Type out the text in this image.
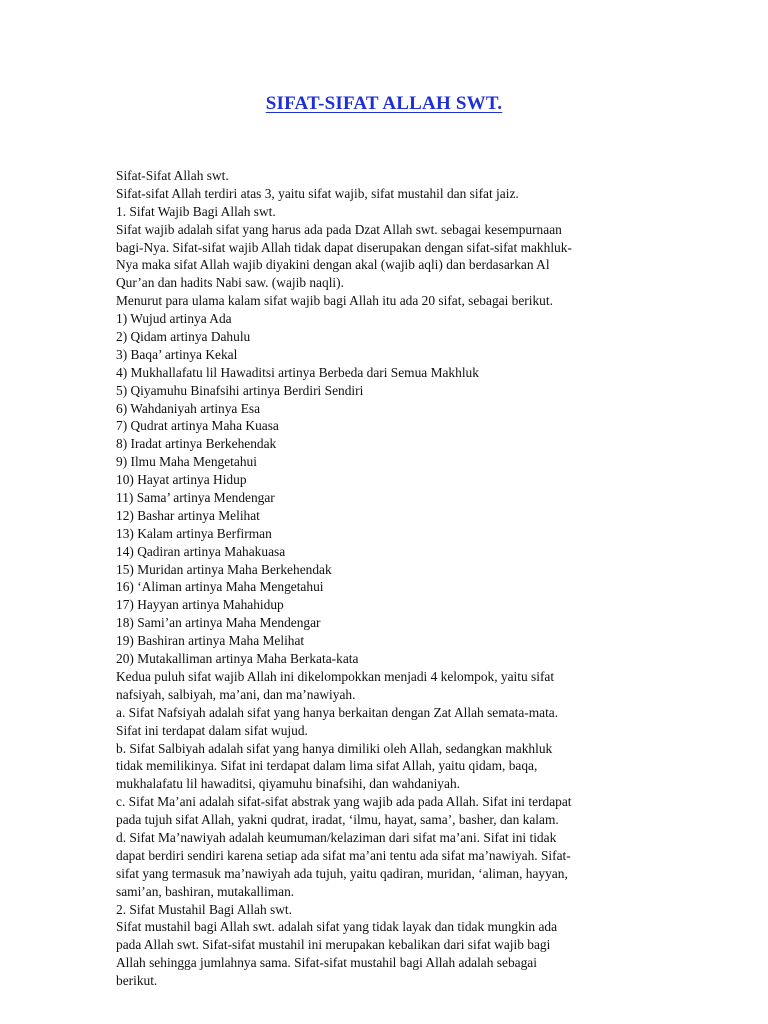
SIFAT-SIFAT ALLAH SWT.
Sifat-Sifat Allah swt.
Sifat-sifat Allah terdiri atas 3, yaitu sifat wajib, sifat mustahil dan sifat jaiz.
1. Sifat Wajib Bagi Allah swt.
Sifat wajib adalah sifat yang harus ada pada Dzat Allah swt. sebagai kesempurnaan
bagi-Nya. Sifat-sifat wajib Allah tidak dapat diserupakan dengan sifat-sifat makhluk-
Nya maka sifat Allah wajib diyakini dengan akal (wajib aqli) dan berdasarkan Al
Qur’an dan hadits Nabi saw. (wajib naqli).
Menurut para ulama kalam sifat wajib bagi Allah itu ada 20 sifat, sebagai berikut.
1) Wujud artinya Ada
2) Qidam artinya Dahulu
3) Baqa’ artinya Kekal
4) Mukhallafatu lil Hawaditsi artinya Berbeda dari Semua Makhluk
5) Qiyamuhu Binafsihi artinya Berdiri Sendiri
6) Wahdaniyah artinya Esa
7) Qudrat artinya Maha Kuasa
8) Iradat artinya Berkehendak
9) Ilmu Maha Mengetahui
10) Hayat artinya Hidup
11) Sama’ artinya Mendengar
12) Bashar artinya Melihat
13) Kalam artinya Berfirman
14) Qadiran artinya Mahakuasa
15) Muridan artinya Maha Berkehendak
16) ‘Aliman artinya Maha Mengetahui
17) Hayyan artinya Mahahidup
18) Sami’an artinya Maha Mendengar
19) Bashiran artinya Maha Melihat
20) Mutakalliman artinya Maha Berkata-kata
Kedua puluh sifat wajib Allah ini dikelompokkan menjadi 4 kelompok, yaitu sifat
nafsiyah, salbiyah, ma’ani, dan ma’nawiyah.
a. Sifat Nafsiyah adalah sifat yang hanya berkaitan dengan Zat Allah semata-mata.
Sifat ini terdapat dalam sifat wujud.
b. Sifat Salbiyah adalah sifat yang hanya dimiliki oleh Allah, sedangkan makhluk
tidak memilikinya. Sifat ini terdapat dalam lima sifat Allah, yaitu qidam, baqa,
mukhalafatu lil hawaditsi, qiyamuhu binafsihi, dan wahdaniyah.
c. Sifat Ma’ani adalah sifat-sifat abstrak yang wajib ada pada Allah. Sifat ini terdapat
pada tujuh sifat Allah, yakni qudrat, iradat, ‘ilmu, hayat, sama’, basher, dan kalam.
d. Sifat Ma’nawiyah adalah keumuman/kelaziman dari sifat ma’ani. Sifat ini tidak
dapat berdiri sendiri karena setiap ada sifat ma’ani tentu ada sifat ma’nawiyah. Sifat-
sifat yang termasuk ma’nawiyah ada tujuh, yaitu qadiran, muridan, ‘aliman, hayyan,
sami’an, bashiran, mutakalliman.
2. Sifat Mustahil Bagi Allah swt.
Sifat mustahil bagi Allah swt. adalah sifat yang tidak layak dan tidak mungkin ada
pada Allah swt. Sifat-sifat mustahil ini merupakan kebalikan dari sifat wajib bagi
Allah sehingga jumlahnya sama. Sifat-sifat mustahil bagi Allah adalah sebagai
berikut.
